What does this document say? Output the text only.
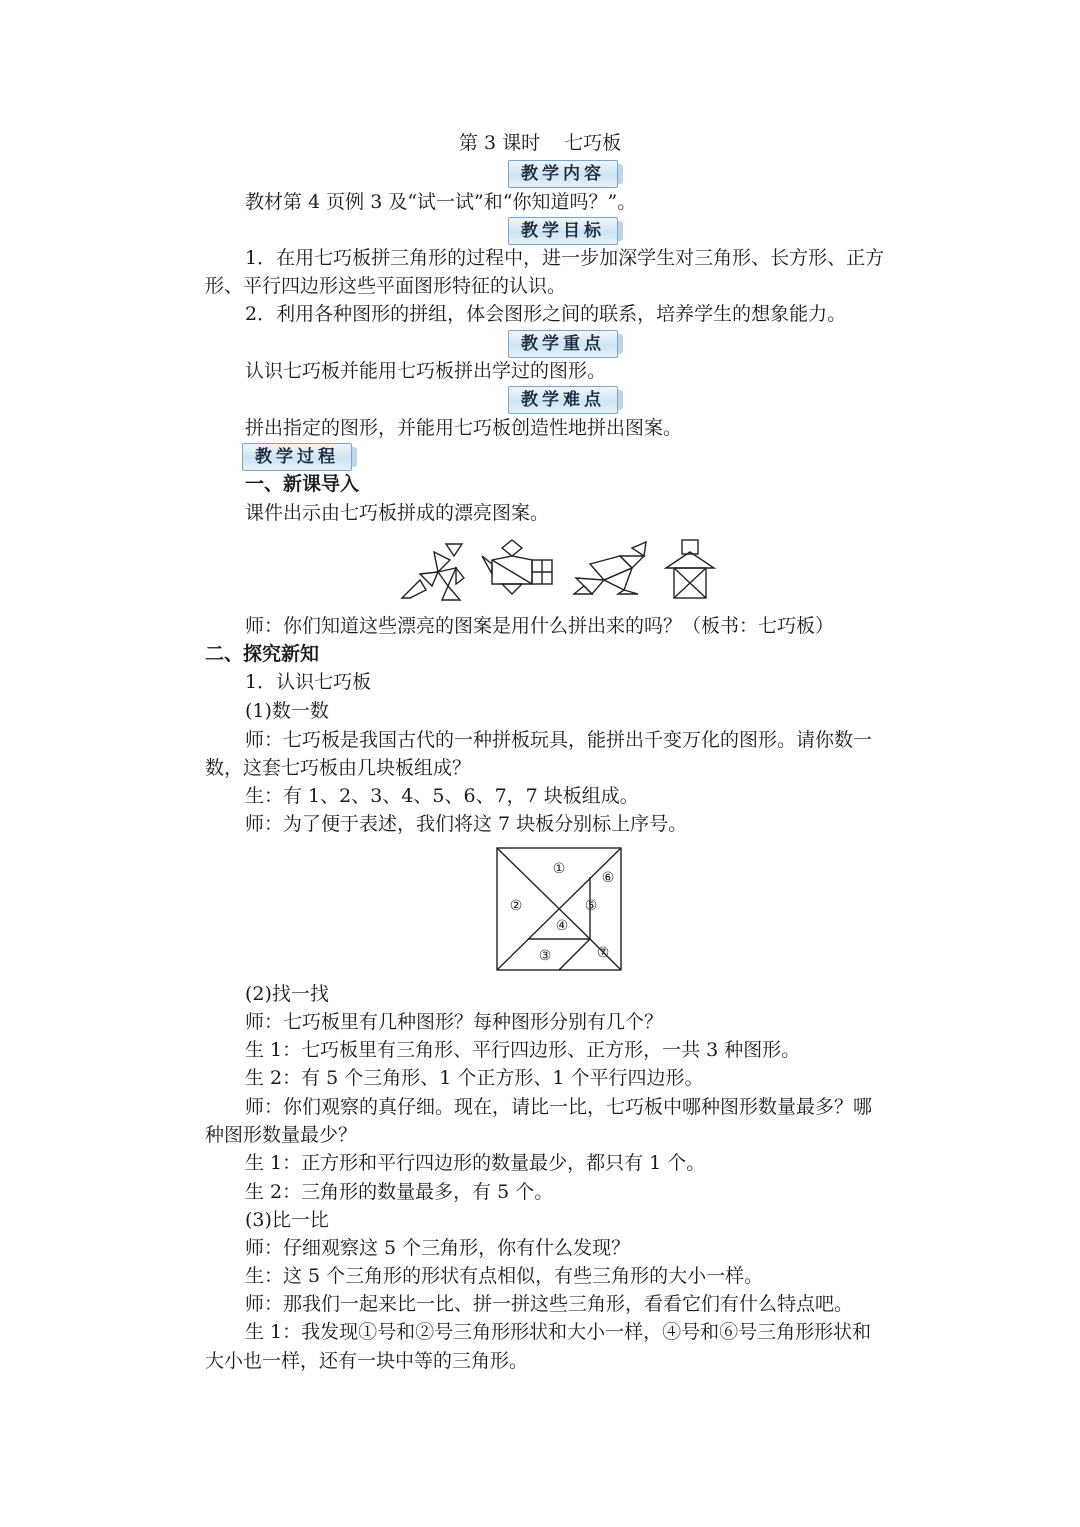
第 3 课时 七巧板
教学内容
教材第 4 页例 3 及“试一试”和“你知道吗？”。
教学目标
1．在用七巧板拼三角形的过程中，进一步加深学生对三角形、长方形、正方
形、平行四边形这些平面图形特征的认识。
2．利用各种图形的拼组，体会图形之间的联系，培养学生的想象能力。
教学重点
认识七巧板并能用七巧板拼出学过的图形。
教学难点
拼出指定的图形，并能用七巧板创造性地拼出图案。
教学过程
一、新课导入
课件出示由七巧板拼成的漂亮图案。
师：你们知道这些漂亮的图案是用什么拼出来的吗？（板书：七巧板）
二、探究新知
1．认识七巧板
(1)数一数
师：七巧板是我国古代的一种拼板玩具，能拼出千变万化的图形。请你数一
数，这套七巧板由几块板组成？
生：有 1、2、3、4、5、6、7，7 块板组成。
师：为了便于表述，我们将这 7 块板分别标上序号。
①
②
③
④
⑤
⑥
⑦
(2)找一找
师：七巧板里有几种图形？每种图形分别有几个？
生 1：七巧板里有三角形、平行四边形、正方形，一共 3 种图形。
生 2：有 5 个三角形、1 个正方形、1 个平行四边形。
师：你们观察的真仔细。现在，请比一比，七巧板中哪种图形数量最多？哪
种图形数量最少？
生 1：正方形和平行四边形的数量最少，都只有 1 个。
生 2：三角形的数量最多，有 5 个。
(3)比一比
师：仔细观察这 5 个三角形，你有什么发现？
生：这 5 个三角形的形状有点相似，有些三角形的大小一样。
师：那我们一起来比一比、拼一拼这些三角形，看看它们有什么特点吧。
生 1：我发现①号和②号三角形形状和大小一样，④号和⑥号三角形形状和
大小也一样，还有一块中等的三角形。
